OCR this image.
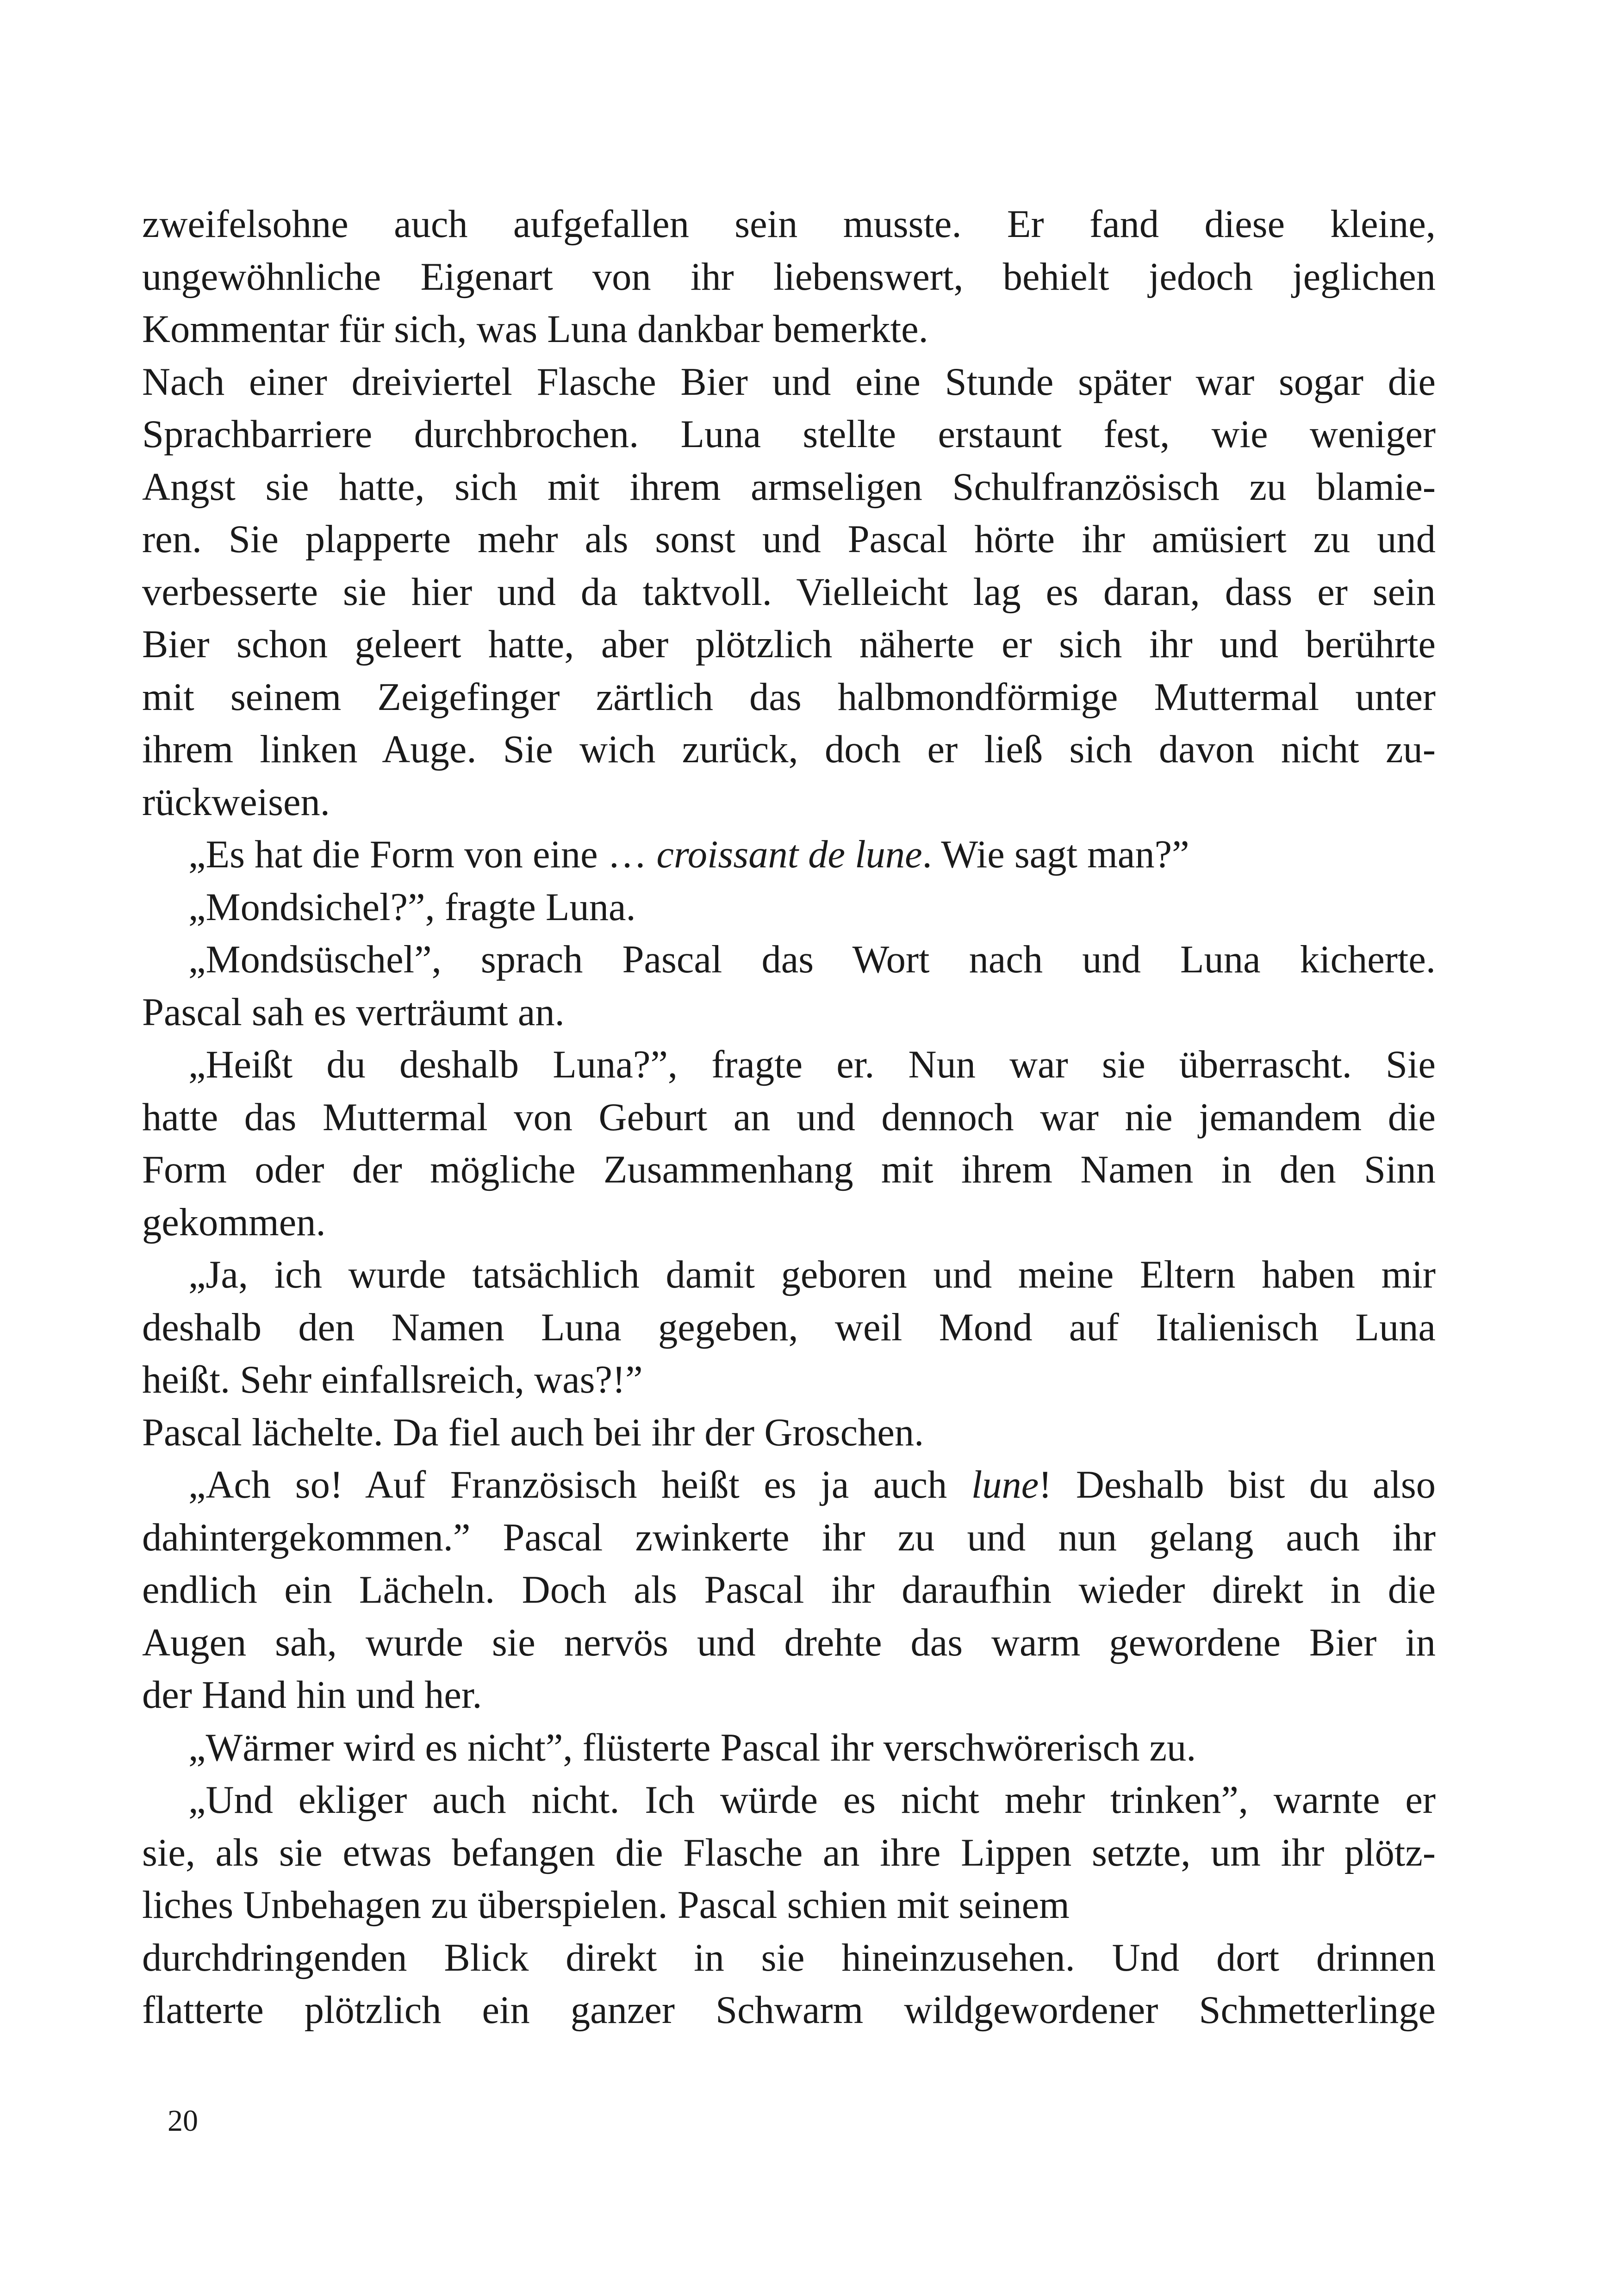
zweifelsohne auch aufgefallen sein musste. Er fand diese kleine,
ungewöhnliche Eigenart von ihr liebenswert, behielt jedoch jeglichen
Kommentar für sich, was Luna dankbar bemerkte.
Nach einer dreiviertel Flasche Bier und eine Stunde später war sogar die
Sprachbarriere durchbrochen. Luna stellte erstaunt fest, wie weniger
Angst sie hatte, sich mit ihrem armseligen Schulfranzösisch zu blamie-
ren. Sie plapperte mehr als sonst und Pascal hörte ihr amüsiert zu und
verbesserte sie hier und da taktvoll. Vielleicht lag es daran, dass er sein
Bier schon geleert hatte, aber plötzlich näherte er sich ihr und berührte
mit seinem Zeigefinger zärtlich das halbmondförmige Muttermal unter
ihrem linken Auge. Sie wich zurück, doch er ließ sich davon nicht zu-
rückweisen.
„Es hat die Form von eine … croissant de lune. Wie sagt man?”
„Mondsichel?”, fragte Luna.
„Mondsüschel”, sprach Pascal das Wort nach und Luna kicherte.
Pascal sah es verträumt an.
„Heißt du deshalb Luna?”, fragte er. Nun war sie überrascht. Sie
hatte das Muttermal von Geburt an und dennoch war nie jemandem die
Form oder der mögliche Zusammenhang mit ihrem Namen in den Sinn
gekommen.
„Ja, ich wurde tatsächlich damit geboren und meine Eltern haben mir
deshalb den Namen Luna gegeben, weil Mond auf Italienisch Luna
heißt. Sehr einfallsreich, was?!”
Pascal lächelte. Da fiel auch bei ihr der Groschen.
„Ach so! Auf Französisch heißt es ja auch lune! Deshalb bist du also
dahintergekommen.” Pascal zwinkerte ihr zu und nun gelang auch ihr
endlich ein Lächeln. Doch als Pascal ihr daraufhin wieder direkt in die
Augen sah, wurde sie nervös und drehte das warm gewordene Bier in
der Hand hin und her.
„Wärmer wird es nicht”, flüsterte Pascal ihr verschwörerisch zu.
„Und ekliger auch nicht. Ich würde es nicht mehr trinken”, warnte er
sie, als sie etwas befangen die Flasche an ihre Lippen setzte, um ihr plötz-
liches Unbehagen zu überspielen. Pascal schien mit seinem
durchdringenden Blick direkt in sie hineinzusehen. Und dort drinnen
flatterte plötzlich ein ganzer Schwarm wildgewordener Schmetterlinge
20
